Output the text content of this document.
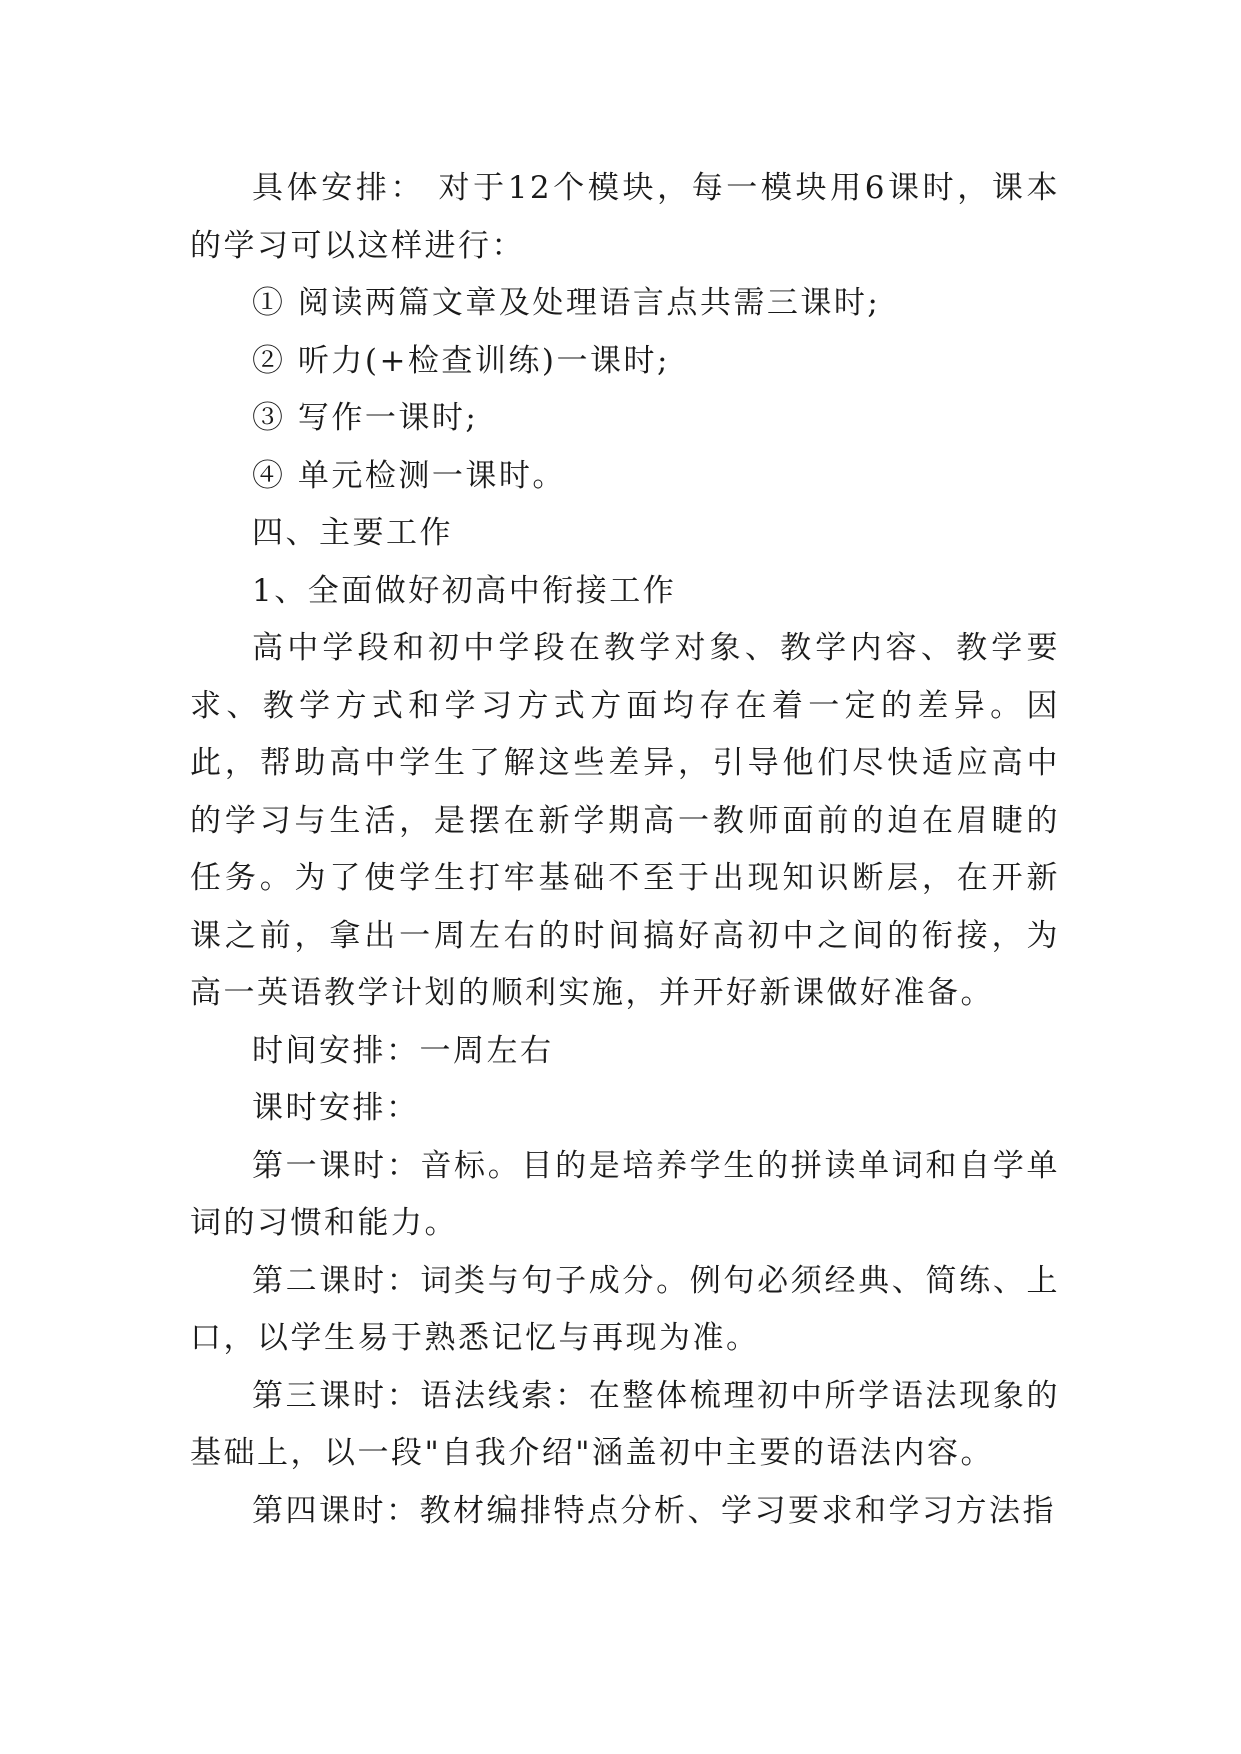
具体安排： 对于12个模块，每一模块用6课时，课本的学习可以这样进行：

① 阅读两篇文章及处理语言点共需三课时;

② 听力(+检查训练)一课时;

③ 写作一课时;

④ 单元检测一课时。

四、主要工作

1、全面做好初高中衔接工作

高中学段和初中学段在教学对象、教学内容、教学要求、教学方式和学习方式方面均存在着一定的差异。因此，帮助高中学生了解这些差异，引导他们尽快适应高中的学习与生活，是摆在新学期高一教师面前的迫在眉睫的任务。为了使学生打牢基础不至于出现知识断层，在开新课之前，拿出一周左右的时间搞好高初中之间的衔接，为高一英语教学计划的顺利实施，并开好新课做好准备。

时间安排：一周左右

课时安排：

第一课时：音标。目的是培养学生的拼读单词和自学单词的习惯和能力。

第二课时：词类与句子成分。例句必须经典、简练、上口，以学生易于熟悉记忆与再现为准。

第三课时：语法线索：在整体梳理初中所学语法现象的基础上，以一段"自我介绍"涵盖初中主要的语法内容。

第四课时：教材编排特点分析、学习要求和学习方法指
